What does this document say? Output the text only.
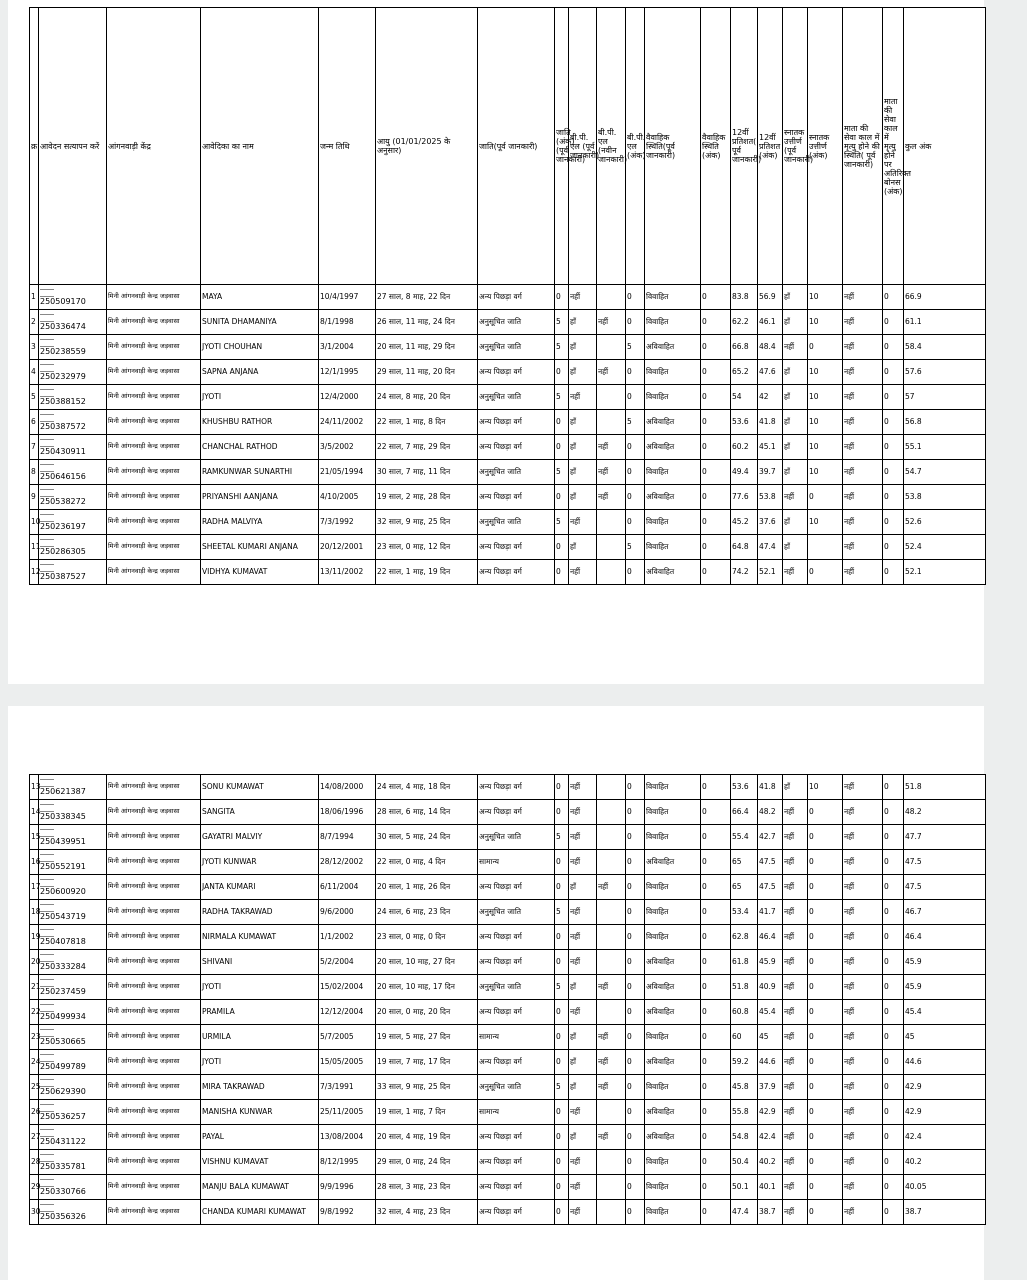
क्र	आवेदन सत्यापन करें	आंगनवाड़ी केंद्र	आवेदिका का नाम	जन्म तिथि	आयु (01/01/2025 के अनुसार)	जाति(पूर्व जानकारी)	जाति (अंक) (पूर्व जानकारी)	बी.पी. एल (पूर्व जानकारी)	बी.पी. एल (नवीन जानकारी)	बी.पी. एल (अंक)	वैवाहिक स्थिति(पूर्व जानकारी)	वैवाहिक स्थिति (अंक)	12वीं प्रतिशत( पूर्व जानकारी)	12वीं प्रतिशत (अंक)	स्नातक उत्तीर्ण (पूर्व जानकारी)	स्नातक उत्तीर्ण (अंक)	माता की सेवा काल में मृत्यु होने की स्थिति( पूर्व जानकारी)	माता की सेवा काल में मृत्यु होने पर अतिरिक्त बोनस (अंक)	कुल अंक
1	250509170	मिनी आंगनवाड़ी केन्द्र जड़वासा	MAYA	10/4/1997	27 साल, 8 माह, 22 दिन	अन्य पिछड़ा वर्ग	0	नहीं		0	विवाहित	0	83.8	56.9	हाँ	10	नहीं	0	66.9
2	250336474	मिनी आंगनवाड़ी केन्द्र जड़वासा	SUNITA DHAMANIYA	8/1/1998	26 साल, 11 माह, 24 दिन	अनुसूचित जाति	5	हाँ	नहीं	0	विवाहित	0	62.2	46.1	हाँ	10	नहीं	0	61.1
3	250238559	मिनी आंगनवाड़ी केन्द्र जड़वासा	JYOTI CHOUHAN	3/1/2004	20 साल, 11 माह, 29 दिन	अनुसूचित जाति	5	हाँ		5	अविवाहित	0	66.8	48.4	नहीं	0	नहीं	0	58.4
4	250232979	मिनी आंगनवाड़ी केन्द्र जड़वासा	SAPNA ANJANA	12/1/1995	29 साल, 11 माह, 20 दिन	अन्य पिछड़ा वर्ग	0	हाँ	नहीं	0	विवाहित	0	65.2	47.6	हाँ	10	नहीं	0	57.6
5	250388152	मिनी आंगनवाड़ी केन्द्र जड़वासा	JYOTI	12/4/2000	24 साल, 8 माह, 20 दिन	अनुसूचित जाति	5	नहीं		0	विवाहित	0	54	42	हाँ	10	नहीं	0	57
6	250387572	मिनी आंगनवाड़ी केन्द्र जड़वासा	KHUSHBU RATHOR	24/11/2002	22 साल, 1 माह, 8 दिन	अन्य पिछड़ा वर्ग	0	हाँ		5	अविवाहित	0	53.6	41.8	हाँ	10	नहीं	0	56.8
7	250430911	मिनी आंगनवाड़ी केन्द्र जड़वासा	CHANCHAL RATHOD	3/5/2002	22 साल, 7 माह, 29 दिन	अन्य पिछड़ा वर्ग	0	हाँ	नहीं	0	अविवाहित	0	60.2	45.1	हाँ	10	नहीं	0	55.1
8	250646156	मिनी आंगनवाड़ी केन्द्र जड़वासा	RAMKUNWAR SUNARTHI	21/05/1994	30 साल, 7 माह, 11 दिन	अनुसूचित जाति	5	हाँ	नहीं	0	विवाहित	0	49.4	39.7	हाँ	10	नहीं	0	54.7
9	250538272	मिनी आंगनवाड़ी केन्द्र जड़वासा	PRIYANSHI AANJANA	4/10/2005	19 साल, 2 माह, 28 दिन	अन्य पिछड़ा वर्ग	0	हाँ	नहीं	0	अविवाहित	0	77.6	53.8	नहीं	0	नहीं	0	53.8
10	250236197	मिनी आंगनवाड़ी केन्द्र जड़वासा	RADHA MALVIYA	7/3/1992	32 साल, 9 माह, 25 दिन	अनुसूचित जाति	5	नहीं		0	विवाहित	0	45.2	37.6	हाँ	10	नहीं	0	52.6
11	250286305	मिनी आंगनवाड़ी केन्द्र जड़वासा	SHEETAL KUMARI ANJANA	20/12/2001	23 साल, 0 माह, 12 दिन	अन्य पिछड़ा वर्ग	0	हाँ		5	विवाहित	0	64.8	47.4	हाँ		नहीं	0	52.4
12	250387527	मिनी आंगनवाड़ी केन्द्र जड़वासा	VIDHYA KUMAVAT	13/11/2002	22 साल, 1 माह, 19 दिन	अन्य पिछड़ा वर्ग	0	नहीं		0	अविवाहित	0	74.2	52.1	नहीं	0	नहीं	0	52.1
13	250621387	मिनी आंगनवाड़ी केन्द्र जड़वासा	SONU KUMAWAT	14/08/2000	24 साल, 4 माह, 18 दिन	अन्य पिछड़ा वर्ग	0	नहीं		0	विवाहित	0	53.6	41.8	हाँ	10	नहीं	0	51.8
14	250338345	मिनी आंगनवाड़ी केन्द्र जड़वासा	SANGITA	18/06/1996	28 साल, 6 माह, 14 दिन	अन्य पिछड़ा वर्ग	0	नहीं		0	विवाहित	0	66.4	48.2	नहीं	0	नहीं	0	48.2
15	250439951	मिनी आंगनवाड़ी केन्द्र जड़वासा	GAYATRI MALVIY	8/7/1994	30 साल, 5 माह, 24 दिन	अनुसूचित जाति	5	नहीं		0	विवाहित	0	55.4	42.7	नहीं	0	नहीं	0	47.7
16	250552191	मिनी आंगनवाड़ी केन्द्र जड़वासा	JYOTI KUNWAR	28/12/2002	22 साल, 0 माह, 4 दिन	सामान्य	0	नहीं		0	अविवाहित	0	65	47.5	नहीं	0	नहीं	0	47.5
17	250600920	मिनी आंगनवाड़ी केन्द्र जड़वासा	JANTA KUMARI	6/11/2004	20 साल, 1 माह, 26 दिन	अन्य पिछड़ा वर्ग	0	हाँ	नहीं	0	विवाहित	0	65	47.5	नहीं	0	नहीं	0	47.5
18	250543719	मिनी आंगनवाड़ी केन्द्र जड़वासा	RADHA TAKRAWAD	9/6/2000	24 साल, 6 माह, 23 दिन	अनुसूचित जाति	5	नहीं		0	विवाहित	0	53.4	41.7	नहीं	0	नहीं	0	46.7
19	250407818	मिनी आंगनवाड़ी केन्द्र जड़वासा	NIRMALA KUMAWAT	1/1/2002	23 साल, 0 माह, 0 दिन	अन्य पिछड़ा वर्ग	0	नहीं		0	विवाहित	0	62.8	46.4	नहीं	0	नहीं	0	46.4
20	250333284	मिनी आंगनवाड़ी केन्द्र जड़वासा	SHIVANI	5/2/2004	20 साल, 10 माह, 27 दिन	अन्य पिछड़ा वर्ग	0	नहीं		0	अविवाहित	0	61.8	45.9	नहीं	0	नहीं	0	45.9
21	250237459	मिनी आंगनवाड़ी केन्द्र जड़वासा	JYOTI	15/02/2004	20 साल, 10 माह, 17 दिन	अनुसूचित जाति	5	हाँ	नहीं	0	अविवाहित	0	51.8	40.9	नहीं	0	नहीं	0	45.9
22	250499934	मिनी आंगनवाड़ी केन्द्र जड़वासा	PRAMILA	12/12/2004	20 साल, 0 माह, 20 दिन	अन्य पिछड़ा वर्ग	0	नहीं		0	अविवाहित	0	60.8	45.4	नहीं	0	नहीं	0	45.4
23	250530665	मिनी आंगनवाड़ी केन्द्र जड़वासा	URMILA	5/7/2005	19 साल, 5 माह, 27 दिन	सामान्य	0	हाँ	नहीं	0	विवाहित	0	60	45	नहीं	0	नहीं	0	45
24	250499789	मिनी आंगनवाड़ी केन्द्र जड़वासा	JYOTI	15/05/2005	19 साल, 7 माह, 17 दिन	अन्य पिछड़ा वर्ग	0	हाँ	नहीं	0	अविवाहित	0	59.2	44.6	नहीं	0	नहीं	0	44.6
25	250629390	मिनी आंगनवाड़ी केन्द्र जड़वासा	MIRA TAKRAWAD	7/3/1991	33 साल, 9 माह, 25 दिन	अनुसूचित जाति	5	हाँ	नहीं	0	विवाहित	0	45.8	37.9	नहीं	0	नहीं	0	42.9
26	250536257	मिनी आंगनवाड़ी केन्द्र जड़वासा	MANISHA KUNWAR	25/11/2005	19 साल, 1 माह, 7 दिन	सामान्य	0	नहीं		0	अविवाहित	0	55.8	42.9	नहीं	0	नहीं	0	42.9
27	250431122	मिनी आंगनवाड़ी केन्द्र जड़वासा	PAYAL	13/08/2004	20 साल, 4 माह, 19 दिन	अन्य पिछड़ा वर्ग	0	हाँ	नहीं	0	अविवाहित	0	54.8	42.4	नहीं	0	नहीं	0	42.4
28	250335781	मिनी आंगनवाड़ी केन्द्र जड़वासा	VISHNU KUMAVAT	8/12/1995	29 साल, 0 माह, 24 दिन	अन्य पिछड़ा वर्ग	0	नहीं		0	विवाहित	0	50.4	40.2	नहीं	0	नहीं	0	40.2
29	250330766	मिनी आंगनवाड़ी केन्द्र जड़वासा	MANJU BALA KUMAWAT	9/9/1996	28 साल, 3 माह, 23 दिन	अन्य पिछड़ा वर्ग	0	नहीं		0	विवाहित	0	50.1	40.1	नहीं	0	नहीं	0	40.05
30	250356326	मिनी आंगनवाड़ी केन्द्र जड़वासा	CHANDA KUMARI KUMAWAT	9/8/1992	32 साल, 4 माह, 23 दिन	अन्य पिछड़ा वर्ग	0	नहीं		0	विवाहित	0	47.4	38.7	नहीं	0	नहीं	0	38.7
